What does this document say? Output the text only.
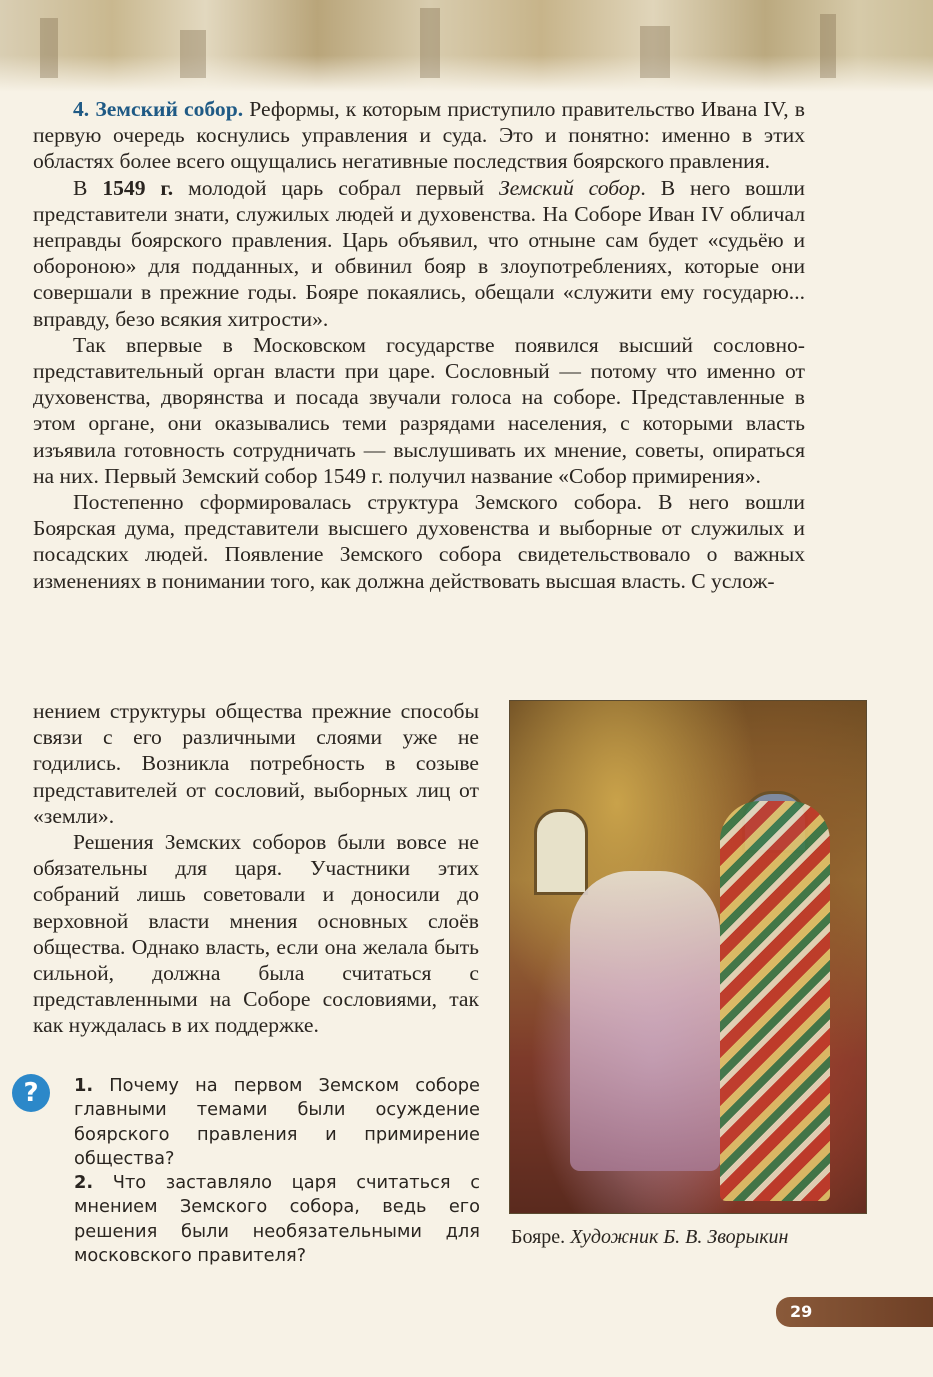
4. Земский собор. Реформы, к которым приступило правительство Ивана IV, в первую очередь коснулись управления и суда. Это и понятно: именно в этих областях более всего ощущались негативные последствия боярского правления.

В 1549 г. молодой царь собрал первый Земский собор. В него вошли представители знати, служилых людей и духовенства. На Соборе Иван IV обличал неправды боярского правления. Царь объявил, что отныне сам будет «судьёю и обороною» для подданных, и обвинил бояр в злоупотреблениях, которые они совершали в прежние годы. Бояре покаялись, обещали «служити ему государю... вправду, безо всякия хитрости».

Так впервые в Московском государстве появился высший сословно-представительный орган власти при царе. Сословный — потому что именно от духовенства, дворянства и посада звучали голоса на соборе. Представленные в этом органе, они оказывались теми разрядами населения, с которыми власть изъявила готовность сотрудничать — выслушивать их мнение, советы, опираться на них. Первый Земский собор 1549 г. получил название «Собор примирения».

Постепенно сформировалась структура Земского собора. В него вошли Боярская дума, представители высшего духовенства и выборные от служилых и посадских людей. Появление Земского собора свидетельствовало о важных изменениях в понимании того, как должна действовать высшая власть. С услож-

нением структуры общества прежние способы связи с его различными слоями уже не годились. Возникла потребность в созыве представителей от сословий, выборных лиц от «земли».

Решения Земских соборов были вовсе не обязательны для царя. Участники этих собраний лишь советовали и доносили до верховной власти мнения основных слоёв общества. Однако власть, если она желала быть сильной, должна была считаться с представленными на Соборе сословиями, так как нуждалась в их поддержке.

Бояре. Художник Б. В. Зворыкин
?	1. Почему на первом Земском соборе главными темами были осуждение боярского правления и примирение общества?

2. Что заставляло царя считаться с мнением Земского собора, ведь его решения были необязательными для московского правителя?

29
